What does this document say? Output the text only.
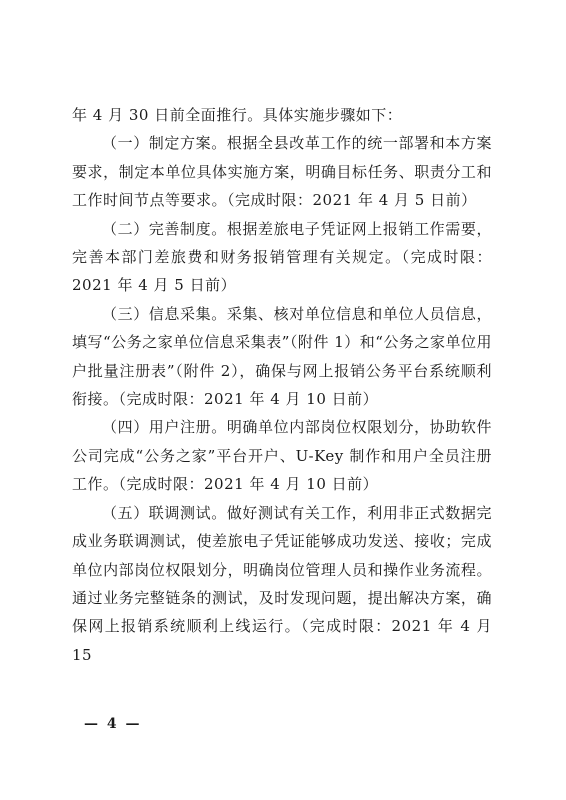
年 4 月 30 日前全面推行。具体实施步骤如下：

（一）制定方案。根据全县改革工作的统一部署和本方案要求，制定本单位具体实施方案，明确目标任务、职责分工和工作时间节点等要求。（完成时限：2021 年 4 月 5 日前）

（二）完善制度。根据差旅电子凭证网上报销工作需要，完善本部门差旅费和财务报销管理有关规定。（完成时限：2021 年 4 月 5 日前）

（三）信息采集。采集、核对单位信息和单位人员信息，填写“公务之家单位信息采集表”（附件 1）和“公务之家单位用户批量注册表”（附件 2），确保与网上报销公务平台系统顺利衔接。（完成时限：2021 年 4 月 10 日前）

（四）用户注册。明确单位内部岗位权限划分，协助软件公司完成“公务之家”平台开户、U-Key 制作和用户全员注册工作。（完成时限：2021 年 4 月 10 日前）

（五）联调测试。做好测试有关工作，利用非正式数据完成业务联调测试，使差旅电子凭证能够成功发送、接收；完成单位内部岗位权限划分，明确岗位管理人员和操作业务流程。通过业务完整链条的测试，及时发现问题，提出解决方案，确保网上报销系统顺利上线运行。（完成时限：2021 年 4 月 15

— 4 —
